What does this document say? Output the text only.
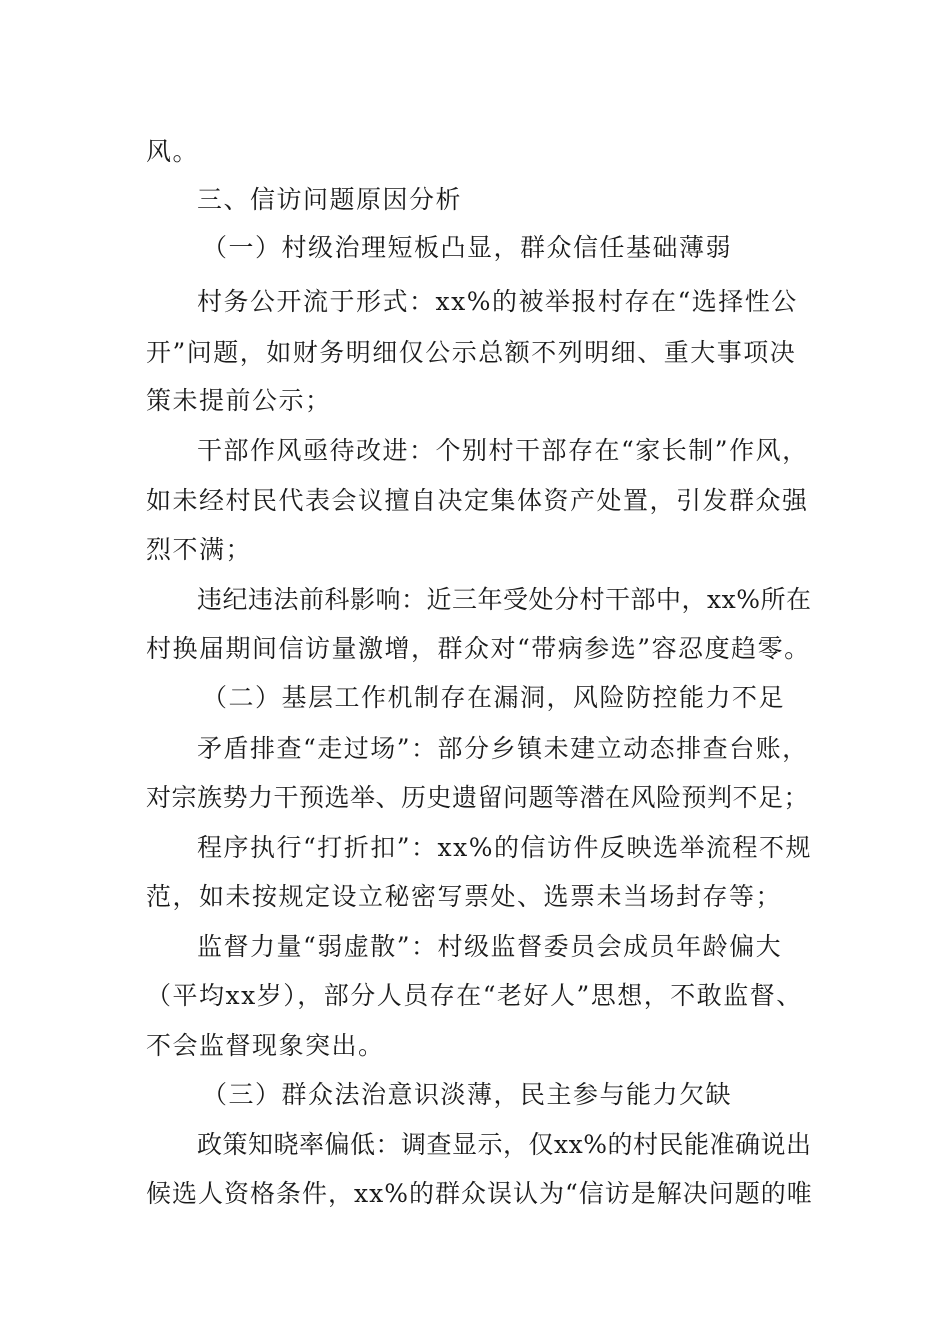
风。
三、信访问题原因分析
（一）村级治理短板凸显，群众信任基础薄弱
村务公开流于形式：xx%的被举报村存在“选择性公
开”问题，如财务明细仅公示总额不列明细、重大事项决
策未提前公示；
干部作风亟待改进：个别村干部存在“家长制”作风，
如未经村民代表会议擅自决定集体资产处置，引发群众强
烈不满；
违纪违法前科影响：近三年受处分村干部中，xx%所在
村换届期间信访量激增，群众对“带病参选”容忍度趋零。
（二）基层工作机制存在漏洞，风险防控能力不足
矛盾排查“走过场”：部分乡镇未建立动态排查台账，
对宗族势力干预选举、历史遗留问题等潜在风险预判不足；
程序执行“打折扣”：xx%的信访件反映选举流程不规
范，如未按规定设立秘密写票处、选票未当场封存等；
监督力量“弱虚散”：村级监督委员会成员年龄偏大
（平均xx岁），部分人员存在“老好人”思想，不敢监督、
不会监督现象突出。
（三）群众法治意识淡薄，民主参与能力欠缺
政策知晓率偏低：调查显示，仅xx%的村民能准确说出
候选人资格条件，xx%的群众误认为“信访是解决问题的唯
